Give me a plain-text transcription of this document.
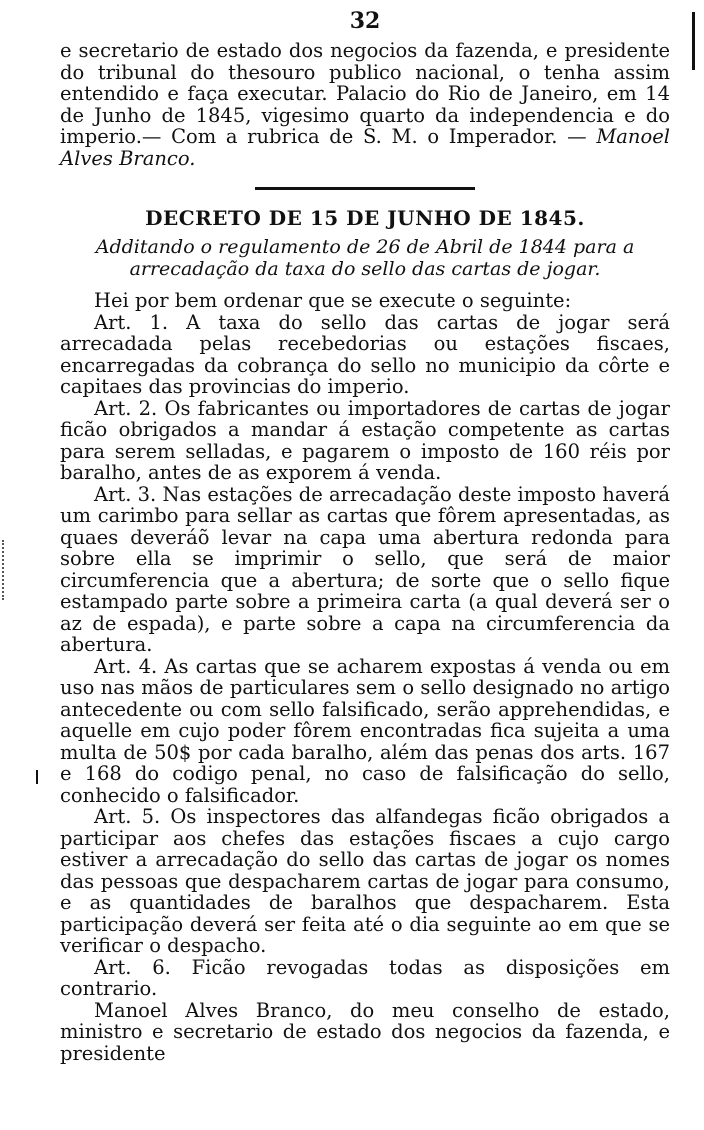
32

e secretario de estado dos negocios da fazenda, e presidente do tribunal do thesouro publico nacional, o tenha assim entendido e faça executar. Palacio do Rio de Janeiro, em 14 de Junho de 1845, vigesimo quarto da independencia e do imperio.— Com a rubrica de S. M. o Imperador. — Manoel Alves Branco.

DECRETO DE 15 DE JUNHO DE 1845.
Additando o regulamento de 26 de Abril de 1844 para a arrecadação da taxa do sello das cartas de jogar.

Hei por bem ordenar que se execute o seguinte:

Art. 1. A taxa do sello das cartas de jogar será arrecadada pelas recebedorias ou estações fiscaes, encarregadas da cobrança do sello no municipio da côrte e capitaes das provincias do imperio.

Art. 2. Os fabricantes ou importadores de cartas de jogar ficão obrigados a mandar á estação competente as cartas para serem selladas, e pagarem o imposto de 160 réis por baralho, antes de as exporem á venda.

Art. 3. Nas estações de arrecadação deste imposto haverá um carimbo para sellar as cartas que fôrem apresentadas, as quaes deveráõ levar na capa uma abertura redonda para sobre ella se imprimir o sello, que será de maior circumferencia que a abertura; de sorte que o sello fique estampado parte sobre a primeira carta (a qual deverá ser o az de espada), e parte sobre a capa na circumferencia da abertura.

Art. 4. As cartas que se acharem expostas á venda ou em uso nas mãos de particulares sem o sello designado no artigo antecedente ou com sello falsificado, serão apprehendidas, e aquelle em cujo poder fôrem encontradas fica sujeita a uma multa de 50$ por cada baralho, além das penas dos arts. 167 e 168 do codigo penal, no caso de falsificação do sello, conhecido o falsificador.

Art. 5. Os inspectores das alfandegas ficão obrigados a participar aos chefes das estações fiscaes a cujo cargo estiver a arrecadação do sello das cartas de jogar os nomes das pessoas que despacharem cartas de jogar para consumo, e as quantidades de baralhos que despacharem. Esta participação deverá ser feita até o dia seguinte ao em que se verificar o despacho.

Art. 6. Ficão revogadas todas as disposições em contrario.

Manoel Alves Branco, do meu conselho de estado, ministro e secretario de estado dos negocios da fazenda, e presidente
